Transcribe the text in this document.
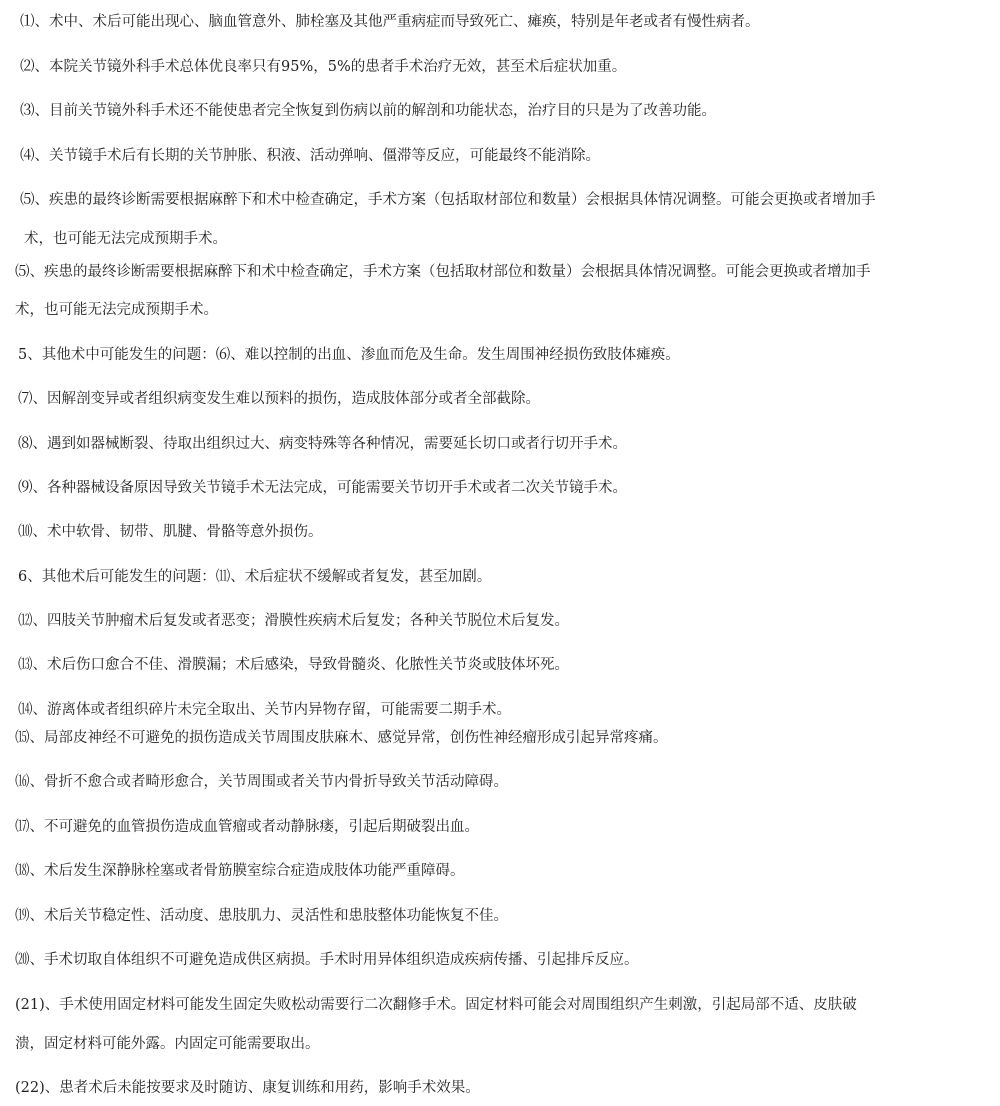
⑴、术中、术后可能出现心、脑血管意外、肺栓塞及其他严重病症而导致死亡、瘫痪，特别是年老或者有慢性病者。
⑵、本院关节镜外科手术总体优良率只有95%，5%的患者手术治疗无效，甚至术后症状加重。
⑶、目前关节镜外科手术还不能使患者完全恢复到伤病以前的解剖和功能状态，治疗目的只是为了改善功能。
⑷、关节镜手术后有长期的关节肿胀、积液、活动弹响、僵滞等反应，可能最终不能消除。
⑸、疾患的最终诊断需要根据麻醉下和术中检查确定，手术方案（包括取材部位和数量）会根据具体情况调整。可能会更换或者增加手
术，也可能无法完成预期手术。
⑸、疾患的最终诊断需要根据麻醉下和术中检查确定，手术方案（包括取材部位和数量）会根据具体情况调整。可能会更换或者增加手
术，也可能无法完成预期手术。
5、其他术中可能发生的问题：⑹、难以控制的出血、渗血而危及生命。发生周围神经损伤致肢体瘫痪。
⑺、因解剖变异或者组织病变发生难以预料的损伤，造成肢体部分或者全部截除。
⑻、遇到如器械断裂、待取出组织过大、病变特殊等各种情况，需要延长切口或者行切开手术。
⑼、各种器械设备原因导致关节镜手术无法完成，可能需要关节切开手术或者二次关节镜手术。
⑽、术中软骨、韧带、肌腱、骨骼等意外损伤。
6、其他术后可能发生的问题：⑾、术后症状不缓解或者复发，甚至加剧。
⑿、四肢关节肿瘤术后复发或者恶变；滑膜性疾病术后复发；各种关节脱位术后复发。
⒀、术后伤口愈合不佳、滑膜漏；术后感染，导致骨髓炎、化脓性关节炎或肢体坏死。
⒁、游离体或者组织碎片未完全取出、关节内异物存留，可能需要二期手术。
⒂、局部皮神经不可避免的损伤造成关节周围皮肤麻木、感觉异常，创伤性神经瘤形成引起异常疼痛。
⒃、骨折不愈合或者畸形愈合，关节周围或者关节内骨折导致关节活动障碍。
⒄、不可避免的血管损伤造成血管瘤或者动静脉瘘，引起后期破裂出血。
⒅、术后发生深静脉栓塞或者骨筋膜室综合症造成肢体功能严重障碍。
⒆、术后关节稳定性、活动度、患肢肌力、灵活性和患肢整体功能恢复不佳。
⒇、手术切取自体组织不可避免造成供区病损。手术时用异体组织造成疾病传播、引起排斥反应。
(21)、手术使用固定材料可能发生固定失败松动需要行二次翻修手术。固定材料可能会对周围组织产生刺激，引起局部不适、皮肤破
溃，固定材料可能外露。内固定可能需要取出。
(22)、患者术后未能按要求及时随访、康复训练和用药，影响手术效果。
